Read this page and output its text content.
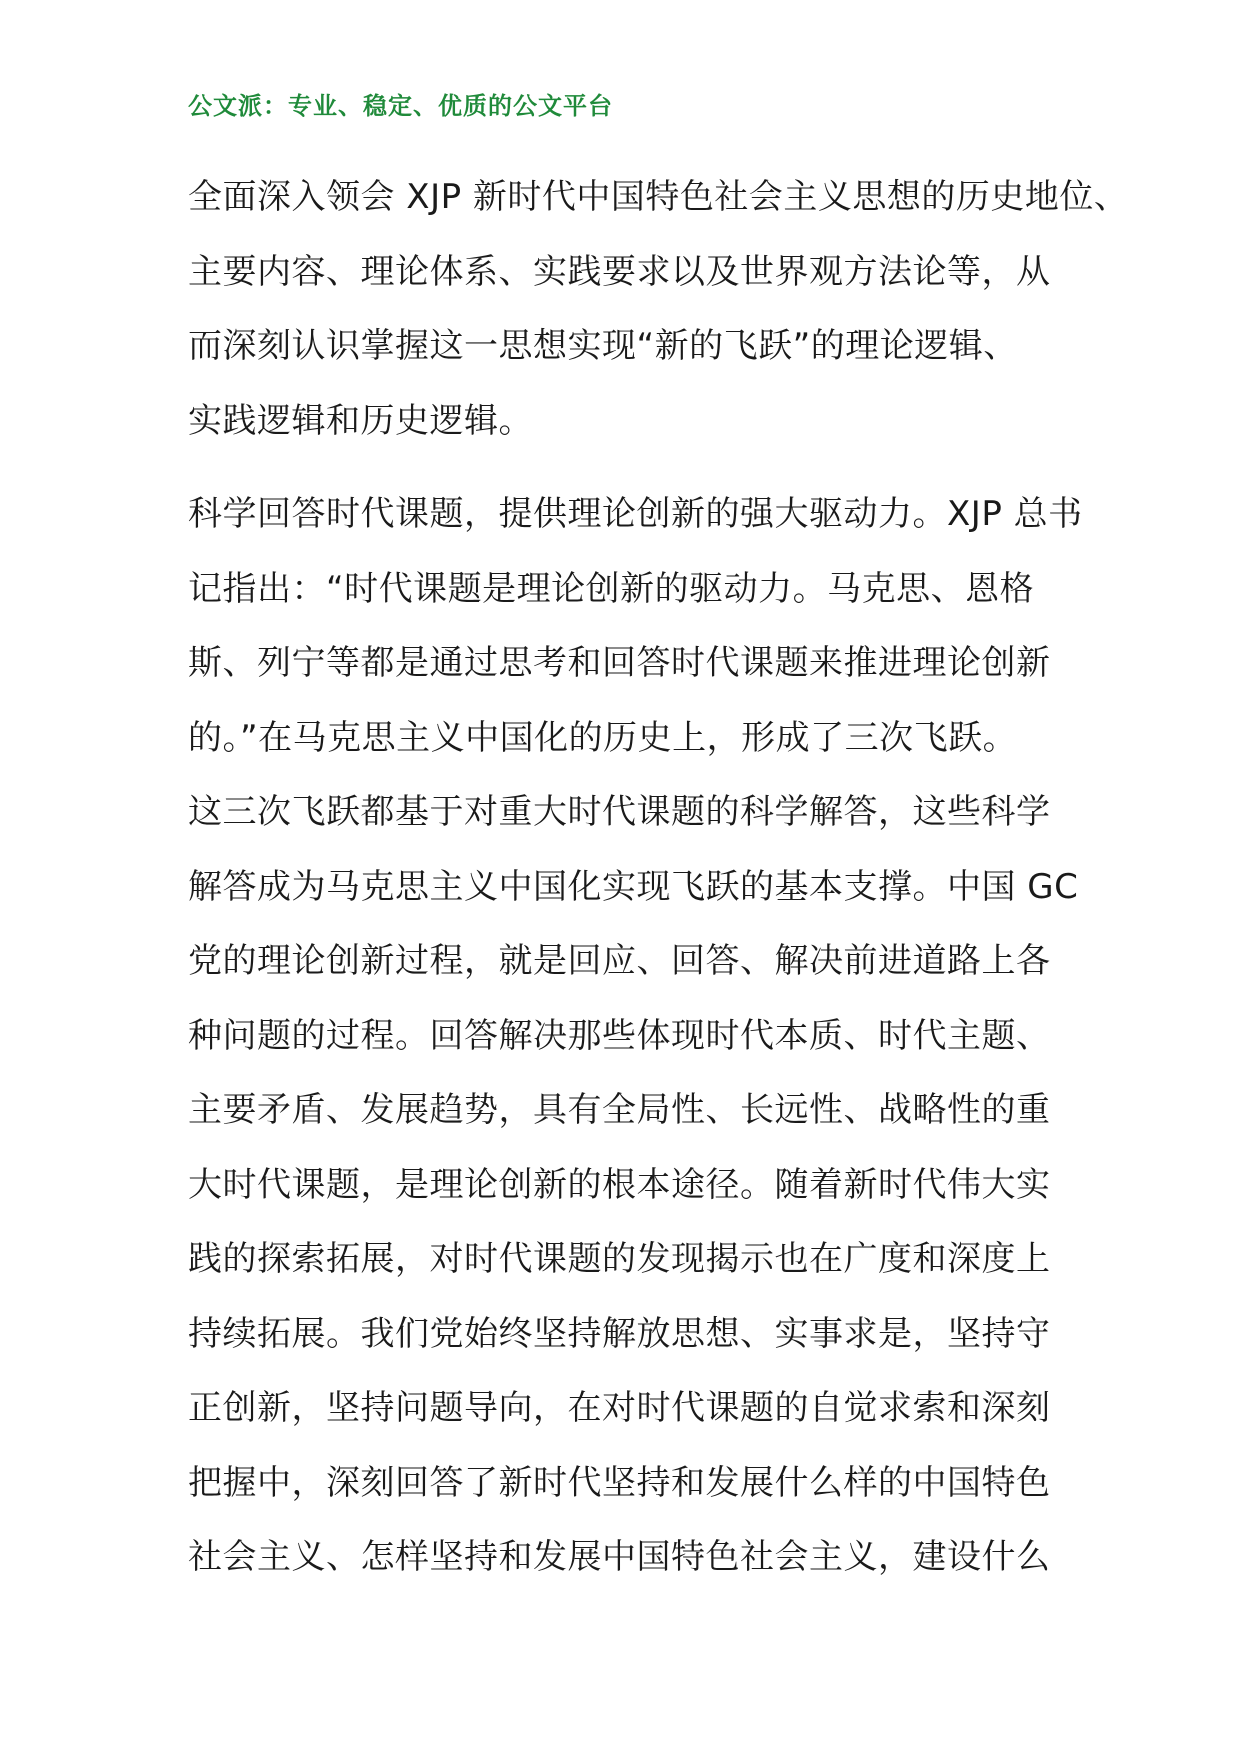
公文派：专业、稳定、优质的公文平台
全面深入领会 XJP 新时代中国特色社会主义思想的历史地位、
主要内容、理论体系、实践要求以及世界观方法论等，从
而深刻认识掌握这一思想实现“新的飞跃”的理论逻辑、
实践逻辑和历史逻辑。
科学回答时代课题，提供理论创新的强大驱动力。XJP 总书
记指出：“时代课题是理论创新的驱动力。马克思、恩格
斯、列宁等都是通过思考和回答时代课题来推进理论创新
的。”在马克思主义中国化的历史上，形成了三次飞跃。
这三次飞跃都基于对重大时代课题的科学解答，这些科学
解答成为马克思主义中国化实现飞跃的基本支撑。中国 GC
党的理论创新过程，就是回应、回答、解决前进道路上各
种问题的过程。回答解决那些体现时代本质、时代主题、
主要矛盾、发展趋势，具有全局性、长远性、战略性的重
大时代课题，是理论创新的根本途径。随着新时代伟大实
践的探索拓展，对时代课题的发现揭示也在广度和深度上
持续拓展。我们党始终坚持解放思想、实事求是，坚持守
正创新，坚持问题导向，在对时代课题的自觉求索和深刻
把握中，深刻回答了新时代坚持和发展什么样的中国特色
社会主义、怎样坚持和发展中国特色社会主义，建设什么
